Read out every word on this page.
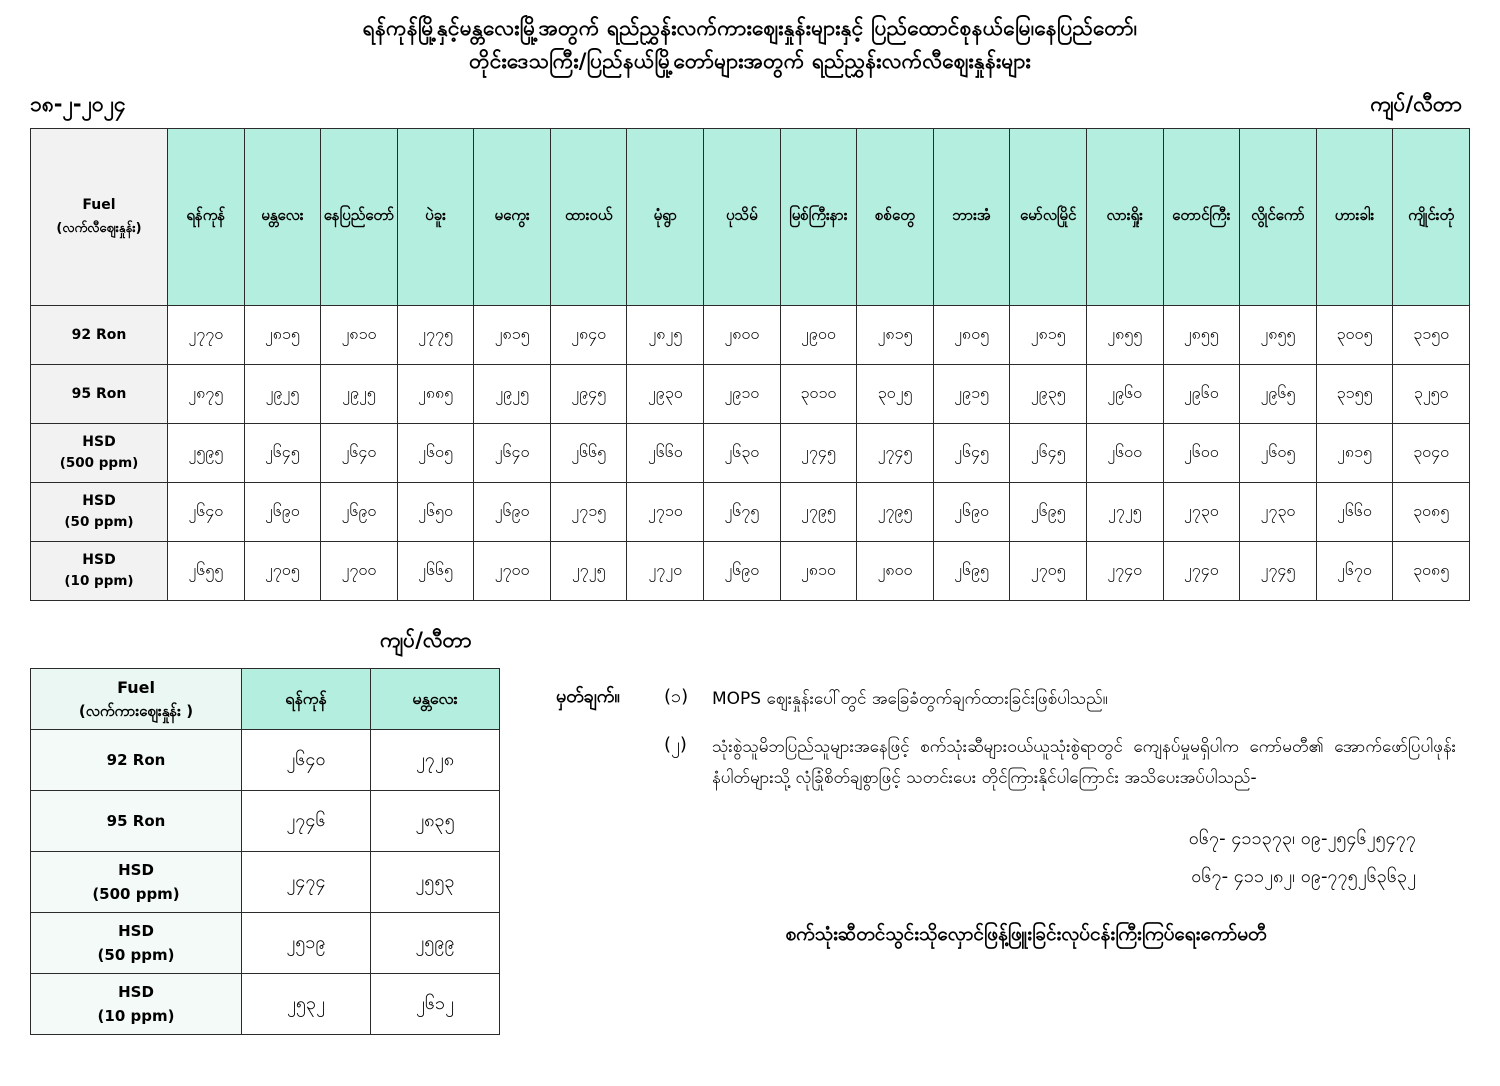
ရန်ကုန်မြို့နှင့်မန္တလေးမြို့အတွက် ရည်ညွှန်းလက်ကားဈေးနှုန်းများနှင့် ပြည်ထောင်စုနယ်မြေ၊နေပြည်တော်၊
တိုင်းဒေသကြီး/ပြည်နယ်မြို့တော်များအတွက် ရည်ညွှန်းလက်လီဈေးနှုန်းများ
၁၈-၂-၂၀၂၄	ကျပ်/လီတာ
Fuel
(လက်လီဈေးနှုန်း)	ရန်ကုန်	မန္တလေး	နေပြည်တော်	ပဲခူး	မကွေး	ထားဝယ်	မုံရွာ	ပုသိမ်	မြစ်ကြီးနား	စစ်တွေ	ဘားအံ	မော်လမြိုင်	လားရှိုး	တောင်ကြီး	လွိုင်ကော်	ဟားခါး	ကျိုင်းတုံ
92 Ron	၂၇၇၀	၂၈၁၅	၂၈၁၀	၂၇၇၅	၂၈၁၅	၂၈၄၀	၂၈၂၅	၂၈၀၀	၂၉၀၀	၂၈၁၅	၂၈၀၅	၂၈၁၅	၂၈၅၅	၂၈၅၅	၂၈၅၅	၃၀၀၅	၃၁၅၀
95 Ron	၂၈၇၅	၂၉၂၅	၂၉၂၅	၂၈၈၅	၂၉၂၅	၂၉၄၅	၂၉၃၀	၂၉၁၀	၃၀၁၀	၃၀၂၅	၂၉၁၅	၂၉၃၅	၂၉၆၀	၂၉၆၀	၂၉၆၅	၃၁၅၅	၃၂၅၀
HSD
(500 ppm)	၂၅၉၅	၂၆၄၅	၂၆၄၀	၂၆၀၅	၂၆၄၀	၂၆၆၅	၂၆၆၀	၂၆၃၀	၂၇၄၅	၂၇၄၅	၂၆၄၅	၂၆၄၅	၂၆၀၀	၂၆၀၀	၂၆၀၅	၂၈၁၅	၃၀၄၀
HSD
(50 ppm)	၂၆၄၀	၂၆၉၀	၂၆၉၀	၂၆၅၀	၂၆၉၀	၂၇၁၅	၂၇၁၀	၂၆၇၅	၂၇၉၅	၂၇၉၅	၂၆၉၀	၂၆၉၅	၂၇၂၅	၂၇၃၀	၂၇၃၀	၂၆၆၀	၃၀၈၅
HSD
(10 ppm)	၂၆၅၅	၂၇၀၅	၂၇၀၀	၂၆၆၅	၂၇၀၀	၂၇၂၅	၂၇၂၀	၂၆၉၀	၂၈၁၀	၂၈၀၀	၂၆၉၅	၂၇၀၅	၂၇၄၀	၂၇၄၀	၂၇၄၅	၂၆၇၀	၃၀၈၅
ကျပ်/လီတာ
Fuel
(လက်ကားဈေးနှုန်း )	ရန်ကုန်	မန္တလေး
92 Ron	၂၆၄၀	၂၇၂၈
95 Ron	၂၇၄၆	၂၈၃၅
HSD
(500 ppm)	၂၄၇၄	၂၅၅၃
HSD
(50 ppm)	၂၅၁၉	၂၅၉၉
HSD
(10 ppm)	၂၅၃၂	၂၆၁၂
မှတ်ချက်။	(၁)	MOPS ဈေးနှုန်းပေါ်တွင် အခြေခံတွက်ချက်ထားခြင်းဖြစ်ပါသည်။
(၂)	သုံးစွဲသူမိဘပြည်သူများအနေဖြင့် စက်သုံးဆီများဝယ်ယူသုံးစွဲရာတွင် ကျေနပ်မှုမရှိပါက ကော်မတီ၏ အောက်ဖော်ပြပါဖုန်းနံပါတ်များသို့ လုံခြုံစိတ်ချစွာဖြင့် သတင်းပေး တိုင်ကြားနိုင်ပါကြောင်း အသိပေးအပ်ပါသည်-
၀၆၇- ၄၁၁၃၇၃၊ ၀၉-၂၅၄၆၂၅၄၇၇
၀၆၇- ၄၁၁၂၈၂၊ ၀၉-၇၇၅၂၆၃၆၃၂
စက်သုံးဆီတင်သွင်းသိုလှောင်ဖြန့်ဖြူးခြင်းလုပ်ငန်းကြီးကြပ်ရေးကော်မတီ
